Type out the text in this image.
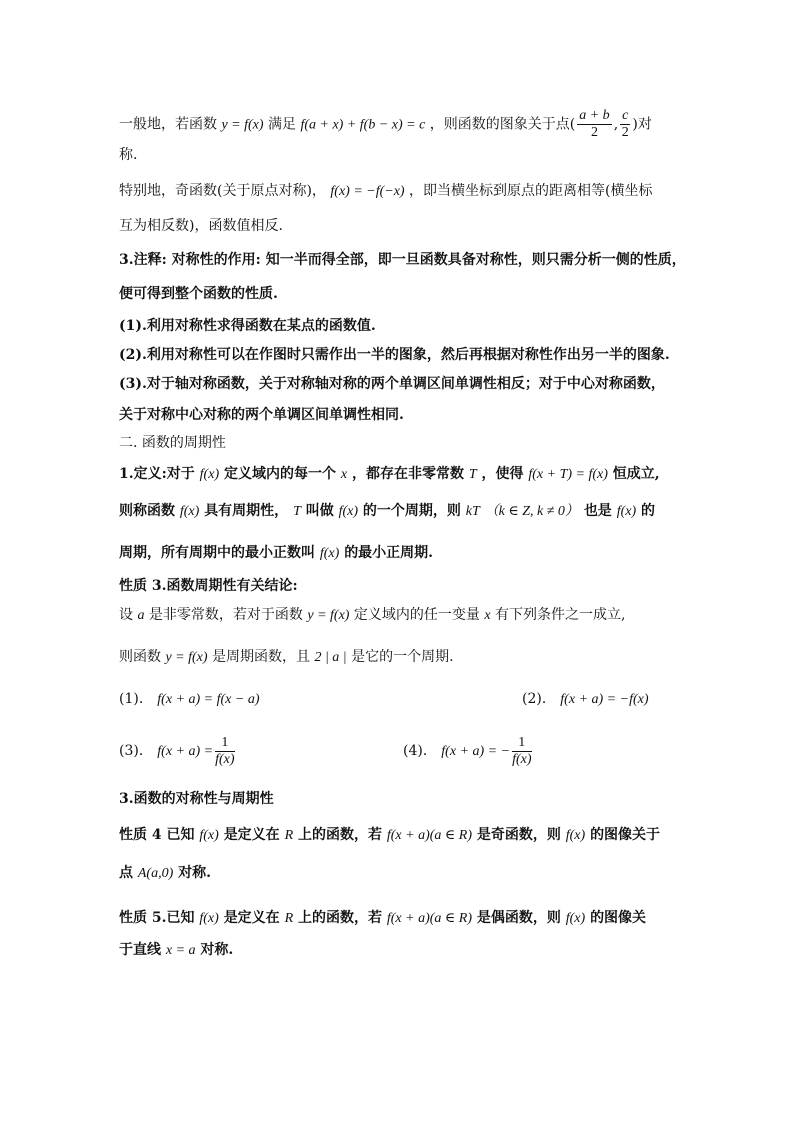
一般地，若函数 y = f(x) 满足 f(a + x) + f(b − x) = c ，则函数的图象关于点( $\frac{a + b}{2}$ , $\frac{c}{2}$ )对
称.
特别地，奇函数(关于原点对称)， f(x) = −f(−x) ，即当横坐标到原点的距离相等(横坐标
互为相反数)，函数值相反.
3.注释: 对称性的作用: 知一半而得全部，即一旦函数具备对称性，则只需分析一侧的性质，
便可得到整个函数的性质.
(1).利用对称性求得函数在某点的函数值.
(2).利用对称性可以在作图时只需作出一半的图象，然后再根据对称性作出另一半的图象.
(3).对于轴对称函数，关于对称轴对称的两个单调区间单调性相反；对于中心对称函数，
关于对称中心对称的两个单调区间单调性相同.
二. 函数的周期性
1.定义:对于 f(x) 定义域内的每一个 x ，都存在非零常数 T ，使得 f(x + T) = f(x) 恒成立,
则称函数 f(x) 具有周期性， T 叫做 f(x) 的一个周期，则 kT （k ∈ Z, k ≠ 0） 也是 f(x) 的
周期，所有周期中的最小正数叫 f(x) 的最小正周期.
性质 3.函数周期性有关结论:
设 a 是非零常数，若对于函数 y = f(x) 定义域内的任一变量 x 有下列条件之一成立,
则函数 y = f(x) 是周期函数，且 2 | a | 是它的一个周期.
(1)． f(x + a) = f(x − a)	(2)． f(x + a) = −f(x)
(3)． $f(x + a) = \frac{1}{f(x)}$	(4)． f(x + a) = − $\frac{1}{f(x)}$
3.函数的对称性与周期性
性质 4 已知 f(x) 是定义在 R 上的函数，若 f(x + a)(a ∈ R) 是奇函数，则 f(x) 的图像关于
点 A(a,0) 对称.
性质 5.已知 f(x) 是定义在 R 上的函数，若 f(x + a)(a ∈ R) 是偶函数，则 f(x) 的图像关
于直线 x = a 对称.
